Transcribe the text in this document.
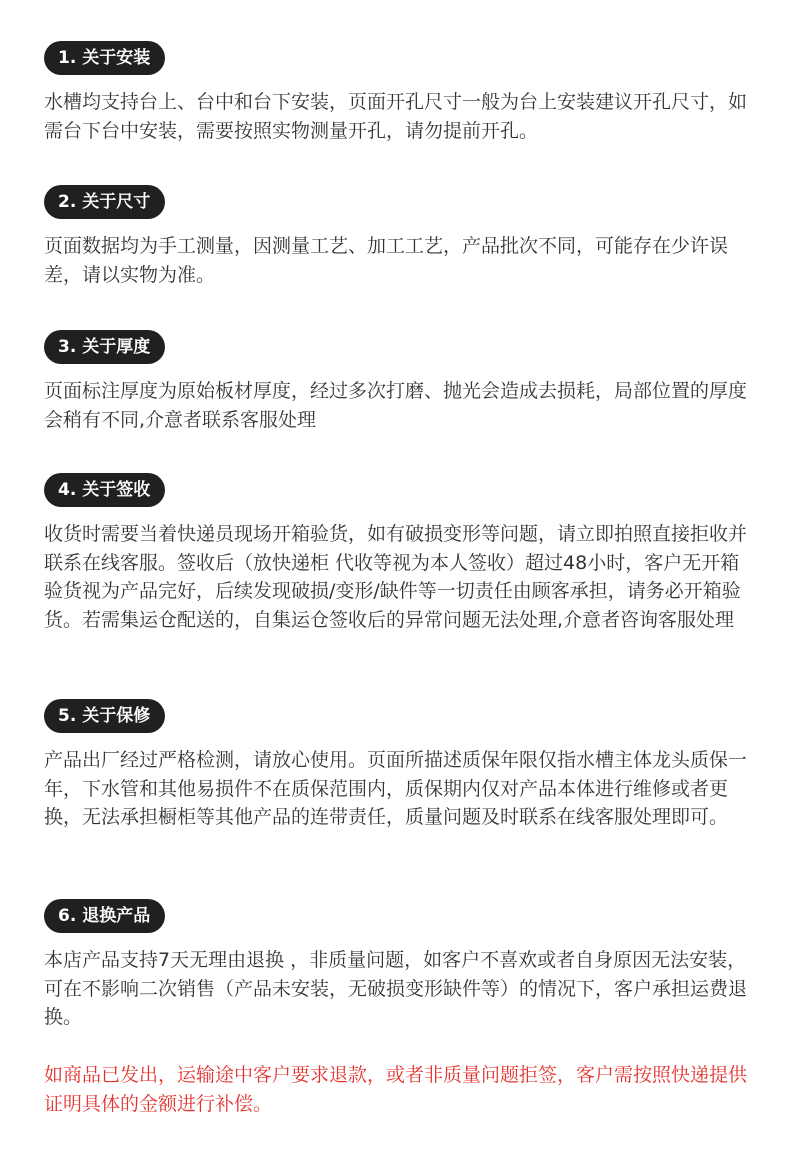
1. 关于安装
水槽均支持台上、台中和台下安装，页面开孔尺寸一般为台上安装建议开孔尺寸，如需台下台中安装，需要按照实物测量开孔，请勿提前开孔。
2. 关于尺寸
页面数据均为手工测量，因测量工艺、加工工艺，产品批次不同，可能存在少许误差，请以实物为准。
3. 关于厚度
页面标注厚度为原始板材厚度，经过多次打磨、抛光会造成去损耗，局部位置的厚度会稍有不同,介意者联系客服处理
4. 关于签收
收货时需要当着快递员现场开箱验货，如有破损变形等问题，请立即拍照直接拒收并联系在线客服。签收后（放快递柜 代收等视为本人签收）超过48小时，客户无开箱验货视为产品完好，后续发现破损/变形/缺件等一切责任由顾客承担，请务必开箱验货。若需集运仓配送的，自集运仓签收后的异常问题无法处理,介意者咨询客服处理
5. 关于保修
产品出厂经过严格检测，请放心使用。页面所描述质保年限仅指水槽主体龙头质保一年，下水管和其他易损件不在质保范围内，质保期内仅对产品本体进行维修或者更换，无法承担橱柜等其他产品的连带责任，质量问题及时联系在线客服处理即可。
6. 退换产品
本店产品支持7天无理由退换 ，非质量问题，如客户不喜欢或者自身原因无法安装，可在不影响二次销售（产品未安装，无破损变形缺件等）的情况下，客户承担运费退换。
如商品已发出，运输途中客户要求退款，或者非质量问题拒签，客户需按照快递提供证明具体的金额进行补偿。
